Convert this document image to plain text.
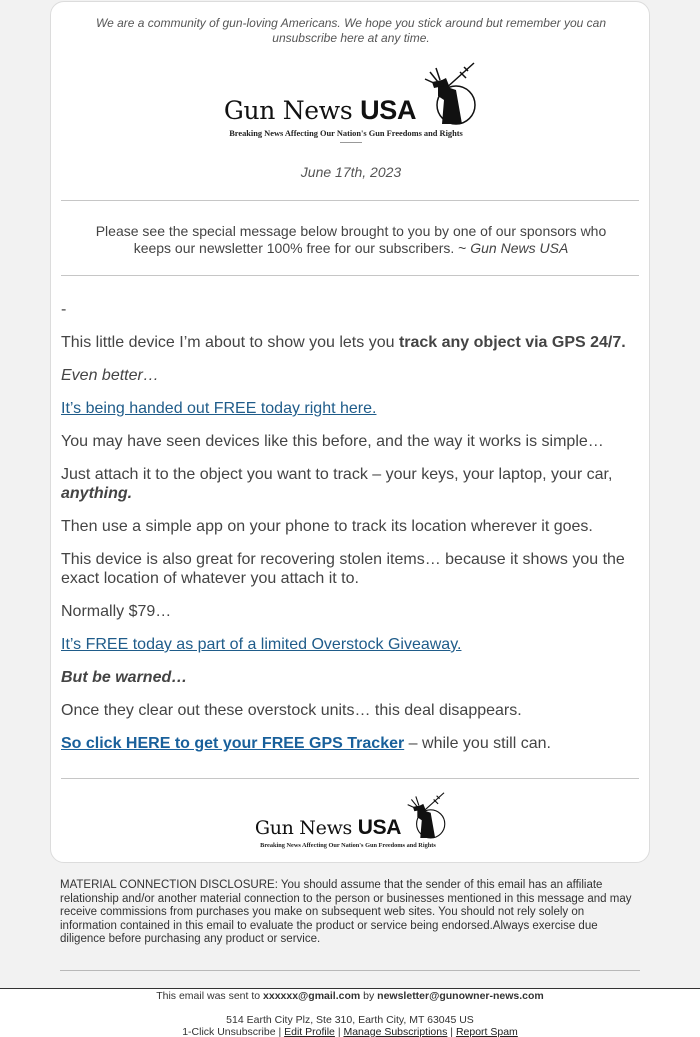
We are a community of gun-loving Americans. We hope you stick around but remember you can unsubscribe here at any time.
Gun News USA
Breaking News Affecting Our Nation's Gun Freedoms and Rights
June 17th, 2023
Please see the special message below brought to you by one of our sponsors who keeps our newsletter 100% free for our subscribers. ~ Gun News USA

-

This little device I’m about to show you lets you track any object via GPS 24/7.

Even better…

It’s being handed out FREE today right here.

You may have seen devices like this before, and the way it works is simple…

Just attach it to the object you want to track – your keys, your laptop, your car, anything.

Then use a simple app on your phone to track its location wherever it goes.

This device is also great for recovering stolen items… because it shows you the exact location of whatever you attach it to.

Normally $79…

It’s FREE today as part of a limited Overstock Giveaway.

But be warned…

Once they clear out these overstock units… this deal disappears.

So click HERE to get your FREE GPS Tracker – while you still can.

Gun News USA
Breaking News Affecting Our Nation's Gun Freedoms and Rights
MATERIAL CONNECTION DISCLOSURE: You should assume that the sender of this email has an affiliate relationship and/or another material connection to the person or businesses mentioned in this message and may receive commissions from purchases you make on subsequent web sites. You should not rely solely on information contained in this email to evaluate the product or service being endorsed.Always exercise due diligence before purchasing any product or service.
This email was sent to xxxxxx@gmail.com by newsletter@gunowner-news.com
514 Earth City Plz, Ste 310, Earth City, MT 63045 US
1-Click Unsubscribe | Edit Profile | Manage Subscriptions | Report Spam
